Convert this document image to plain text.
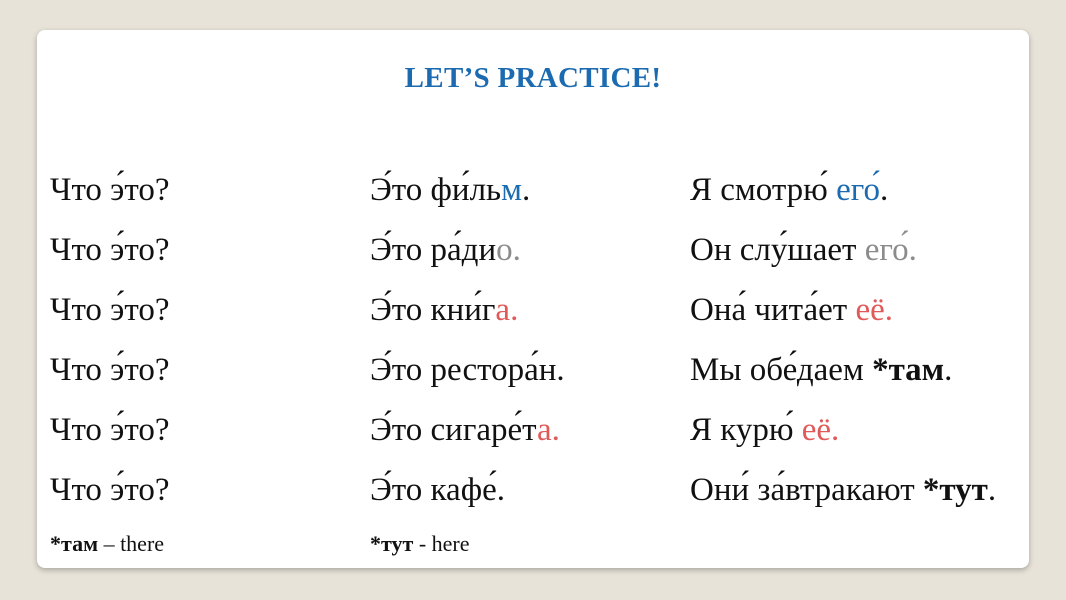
LET’S PRACTICE!
Что э́то?
Что э́то?
Что э́то?
Что э́то?
Что э́то?
Что э́то?
Э́то фи́льм.
Э́то ра́дио.
Э́то кни́га.
Э́то рестора́н.
Э́то сигаре́та.
Э́то кафе́.
Я смотрю́ его́.
Он слу́шает его́.
Она́ чита́ет её.
Мы обе́даем *там.
Я курю́ её.
Они́ за́втракают *тут.
*там – there	*тут - here
